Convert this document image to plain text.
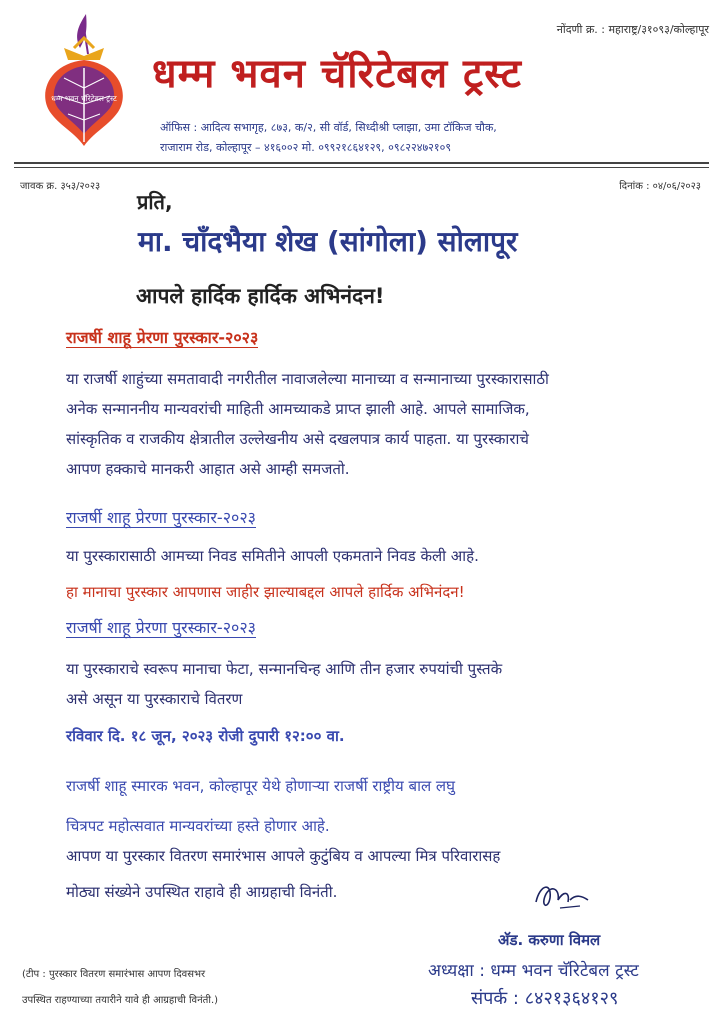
धम्म भवन चॅरिटेबल ट्रस्ट
नोंदणी क्र. : महाराष्ट्र/३१०९३/कोल्हापूर
धम्म भवन चॅरिटेबल ट्रस्ट
ऑफिस : आदित्य सभागृह, ८७३, क/२, सी वॉर्ड, सिध्दीश्री प्लाझा, उमा टॉकिज चौक,
राजाराम रोड, कोल्हापूर – ४१६००२ मो. ०९९२१८६४१२९, ०९८२२४७२१०९
जावक क्र. ३५३/२०२३	दिनांक : ०४/०६/२०२३
प्रति,
मा. चाँदभैया शेख (सांगोला) सोलापूर
आपले हार्दिक हार्दिक अभिनंदन!
राजर्षी शाहू प्रेरणा पुरस्कार-२०२३
या राजर्षी शाहुंच्या समतावादी नगरीतील नावाजलेल्या मानाच्या व सन्मानाच्या पुरस्कारासाठी
अनेक सन्माननीय मान्यवरांची माहिती आमच्याकडे प्राप्त झाली आहे. आपले सामाजिक,
सांस्कृतिक व राजकीय क्षेत्रातील उल्लेखनीय असे दखलपात्र कार्य पाहता. या पुरस्काराचे
आपण हक्काचे मानकरी आहात असे आम्ही समजतो.
राजर्षी शाहू प्रेरणा पुरस्कार-२०२३
या पुरस्कारासाठी आमच्या निवड समितीने आपली एकमताने निवड केली आहे.
हा मानाचा पुरस्कार आपणास जाहीर झाल्याबद्दल आपले हार्दिक अभिनंदन!
राजर्षी शाहू प्रेरणा पुरस्कार-२०२३
या पुरस्काराचे स्वरूप मानाचा फेटा, सन्मानचिन्ह आणि तीन हजार रुपयांची पुस्तके
असे असून या पुरस्काराचे वितरण
रविवार दि. १८ जून, २०२३ रोजी दुपारी १२:०० वा.
राजर्षी शाहू स्मारक भवन, कोल्हापूर येथे होणाऱ्या राजर्षी राष्ट्रीय बाल लघु
चित्रपट महोत्सवात मान्यवरांच्या हस्ते होणार आहे.
आपण या पुरस्कार वितरण समारंभास आपले कुटुंबिय व आपल्या मित्र परिवारासह
मोठ्या संख्येने उपस्थित राहावे ही आग्रहाची विनंती.
अ‍ॅड. करुणा विमल
अध्यक्षा : धम्म भवन चॅरिटेबल ट्रस्ट
संपर्क : ८४२१३६४१२९
(टीप : पुरस्कार वितरण समारंभास आपण दिवसभर
उपस्थित राहण्याच्या तयारीने यावे ही आग्रहाची विनंती.)
